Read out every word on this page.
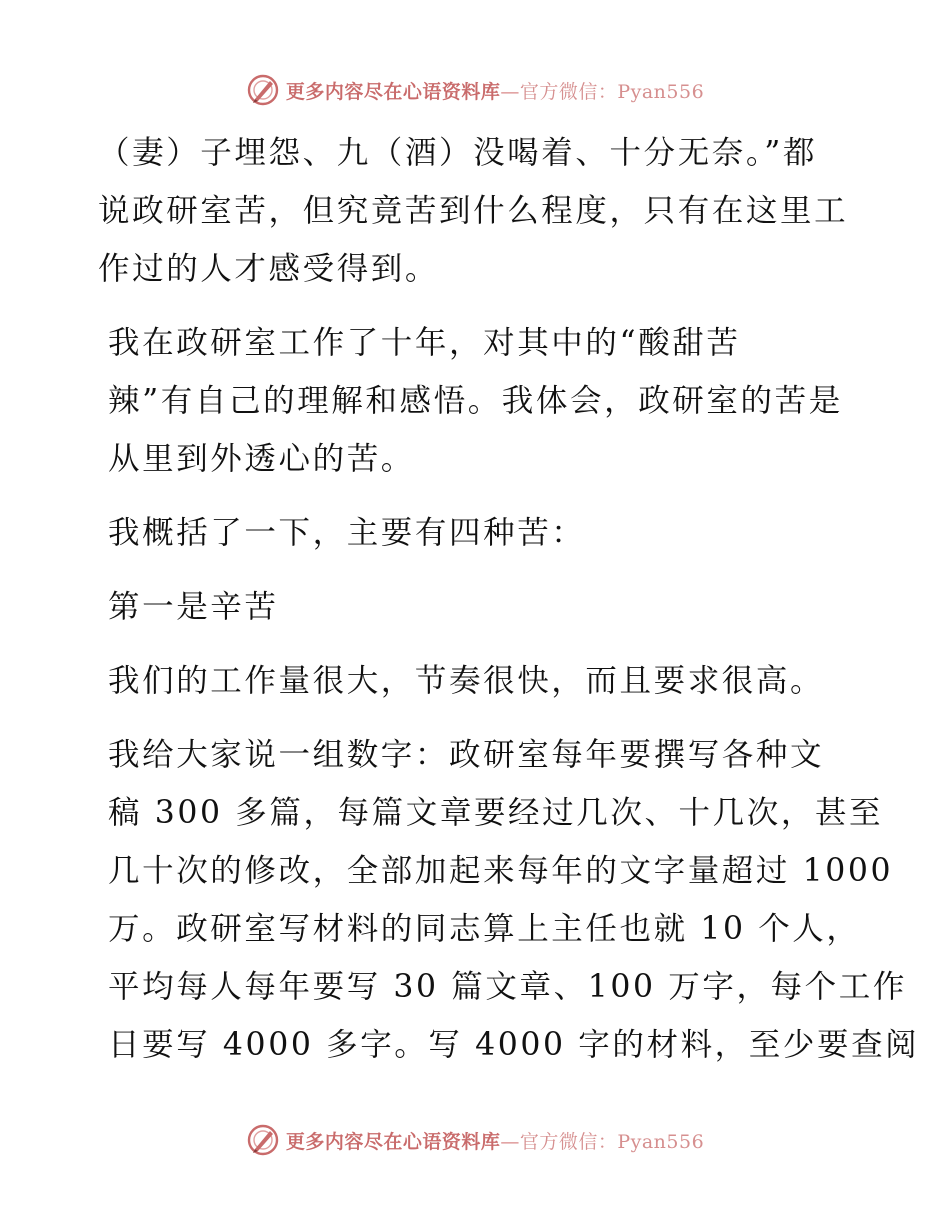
更多内容尽在心语资料库—官方微信：Pyan556
（妻）子埋怨、九（酒）没喝着、十分无奈。”都
说政研室苦，但究竟苦到什么程度，只有在这里工
作过的人才感受得到。
我在政研室工作了十年，对其中的“酸甜苦
辣”有自己的理解和感悟。我体会，政研室的苦是
从里到外透心的苦。
我概括了一下，主要有四种苦：
第一是辛苦
我们的工作量很大，节奏很快，而且要求很高。
我给大家说一组数字：政研室每年要撰写各种文
稿 300 多篇，每篇文章要经过几次、十几次，甚至
几十次的修改，全部加起来每年的文字量超过 1000
万。政研室写材料的同志算上主任也就 10 个人，
平均每人每年要写 30 篇文章、100 万字，每个工作
日要写 4000 多字。写 4000 字的材料，至少要查阅
更多内容尽在心语资料库—官方微信：Pyan556
